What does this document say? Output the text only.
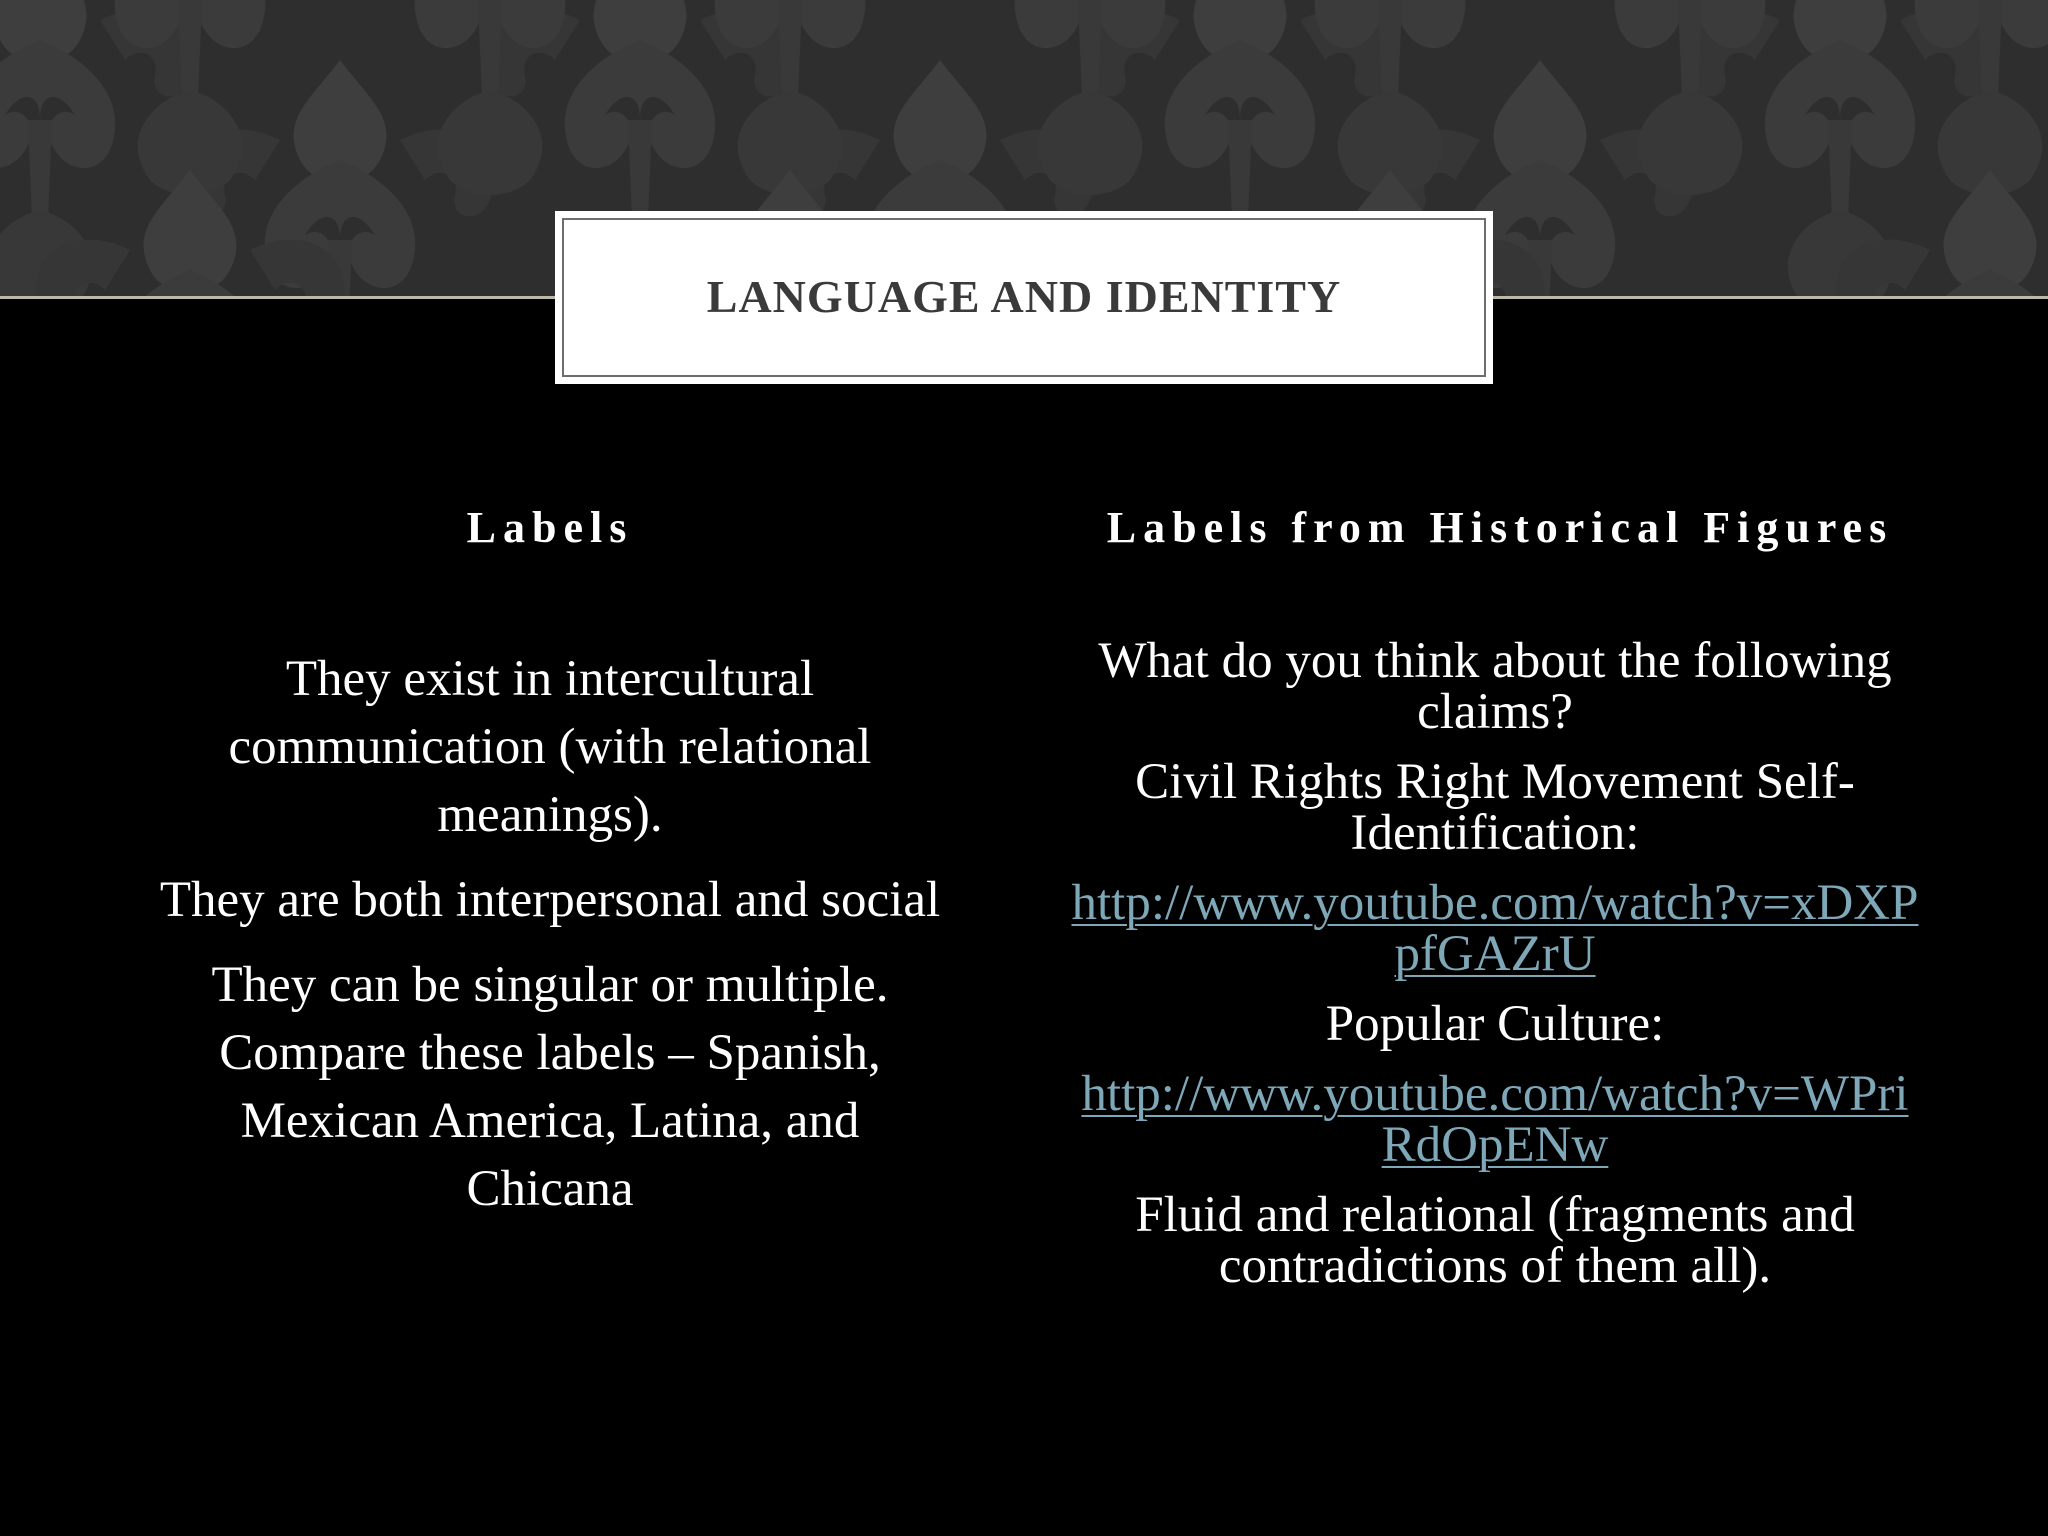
LANGUAGE AND IDENTITY
Labels	Labels from Historical Figures

They exist in intercultural communication (with relational meanings).

They are both interpersonal and social

They can be singular or multiple. Compare these labels – Spanish, Mexican America, Latina, and Chicana

What do you think about the following claims?

Civil Rights Right Movement Self-Identification:

http://www.youtube.com/watch?v=xDXPpfGAZrU

Popular Culture:

http://www.youtube.com/watch?v=WPriRdOpENw

Fluid and relational (fragments and contradictions of them all).
